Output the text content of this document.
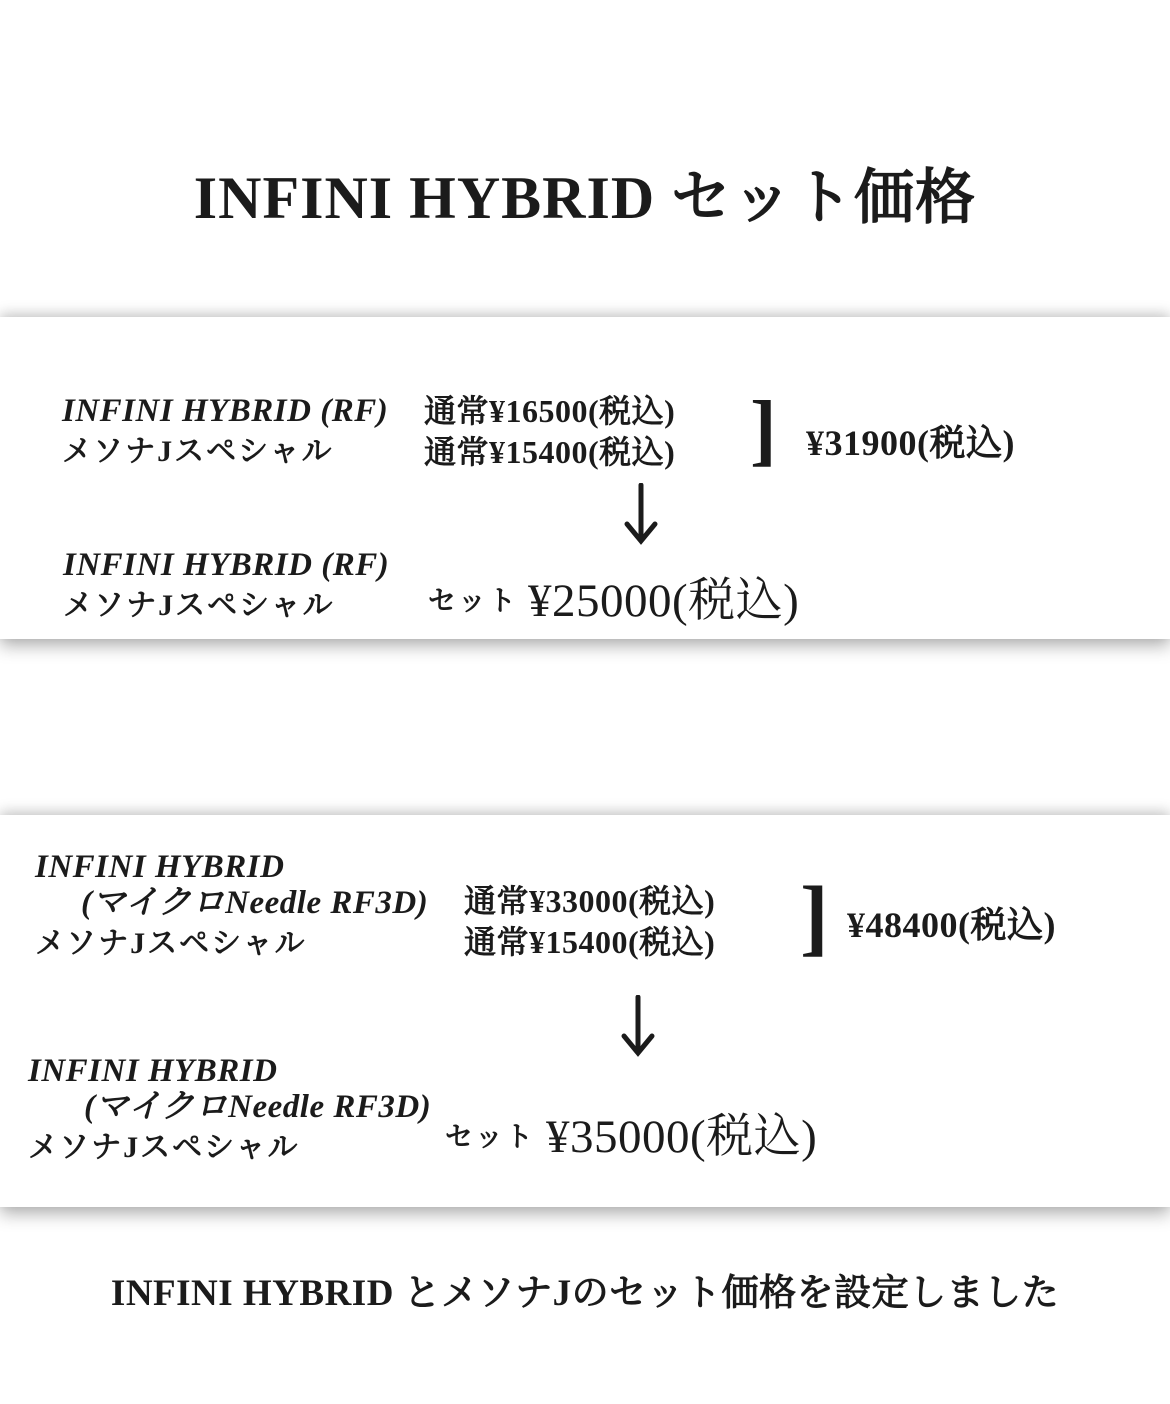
INFINI HYBRID セット価格
INFINI HYBRID (RF)
メソナJスペシャル
通常¥16500(税込)
通常¥15400(税込) ] ¥31900(税込)
INFINI HYBRID (RF)
メソナJスペシャル	セット ¥25000(税込)
INFINI HYBRID
(マイクロNeedle RF3D)
メソナJスペシャル
通常¥33000(税込)
通常¥15400(税込) ] ¥48400(税込)
INFINI HYBRID
(マイクロNeedle RF3D)
メソナJスペシャル	セット ¥35000(税込)
INFINI HYBRID とメソナJのセット価格を設定しました
